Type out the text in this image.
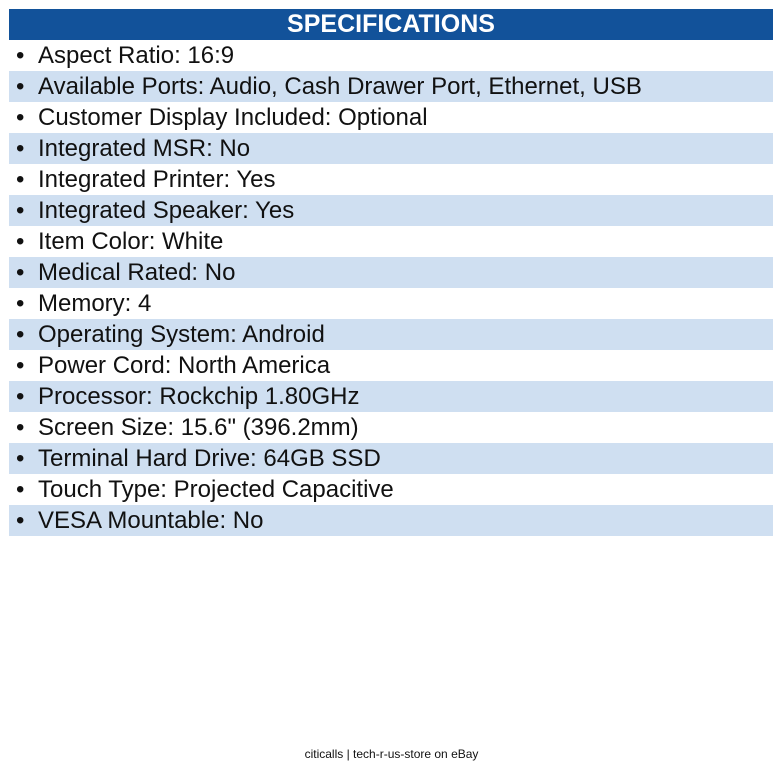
SPECIFICATIONS
• Aspect Ratio: 16:9
• Available Ports: Audio, Cash Drawer Port, Ethernet, USB
• Customer Display Included: Optional
• Integrated MSR: No
• Integrated Printer: Yes
• Integrated Speaker: Yes
• Item Color: White
• Medical Rated: No
• Memory: 4
• Operating System: Android
• Power Cord: North America
• Processor: Rockchip 1.80GHz
• Screen Size: 15.6" (396.2mm)
• Terminal Hard Drive: 64GB SSD
• Touch Type: Projected Capacitive
• VESA Mountable: No
citicalls | tech-r-us-store on eBay
